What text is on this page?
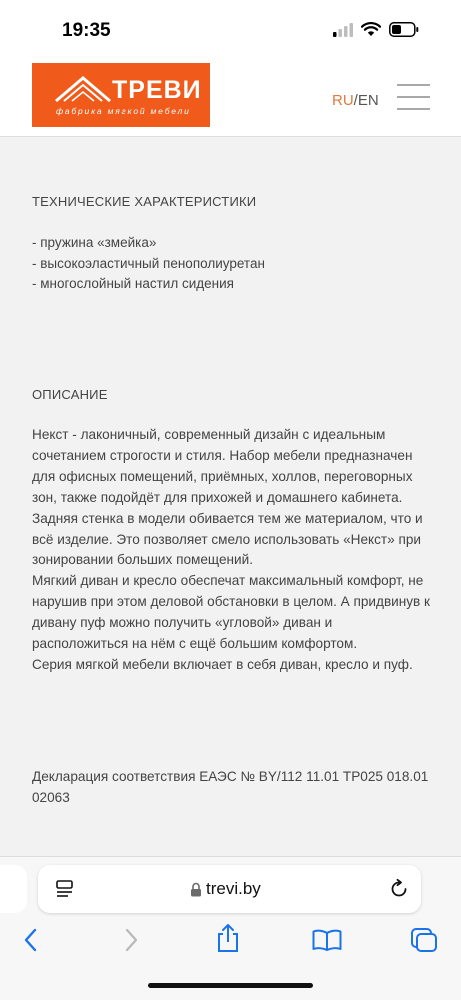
19:35
ТРЕВИ
фабрика мягкой мебели
RU/EN
ТЕХНИЧЕСКИЕ ХАРАКТЕРИСТИКИ
- пружина «змейка»
- высокоэластичный пенополиуретан
- многослойный настил сидения
ОПИСАНИЕ

Некст - лаконичный, современный дизайн с идеальным сочетанием строгости и стиля. Набор мебели предназначен для офисных помещений, приёмных, холлов, переговорных зон, также подойдёт для прихожей и домашнего кабинета. Задняя стенка в модели обивается тем же материалом, что и всё изделие. Это позволяет смело использовать «Некст» при зонировании больших помещений.

Мягкий диван и кресло обеспечат максимальный комфорт, не нарушив при этом деловой обстановки в целом. А придвинув к дивану пуф можно получить «угловой» диван и расположиться на нём с ещё большим комфортом.

Серия мягкой мебели включает в себя диван, кресло и пуф.

Декларация соответствия ЕАЭС № BY/112 11.01 ТР025 018.01 02063
trevi.by
